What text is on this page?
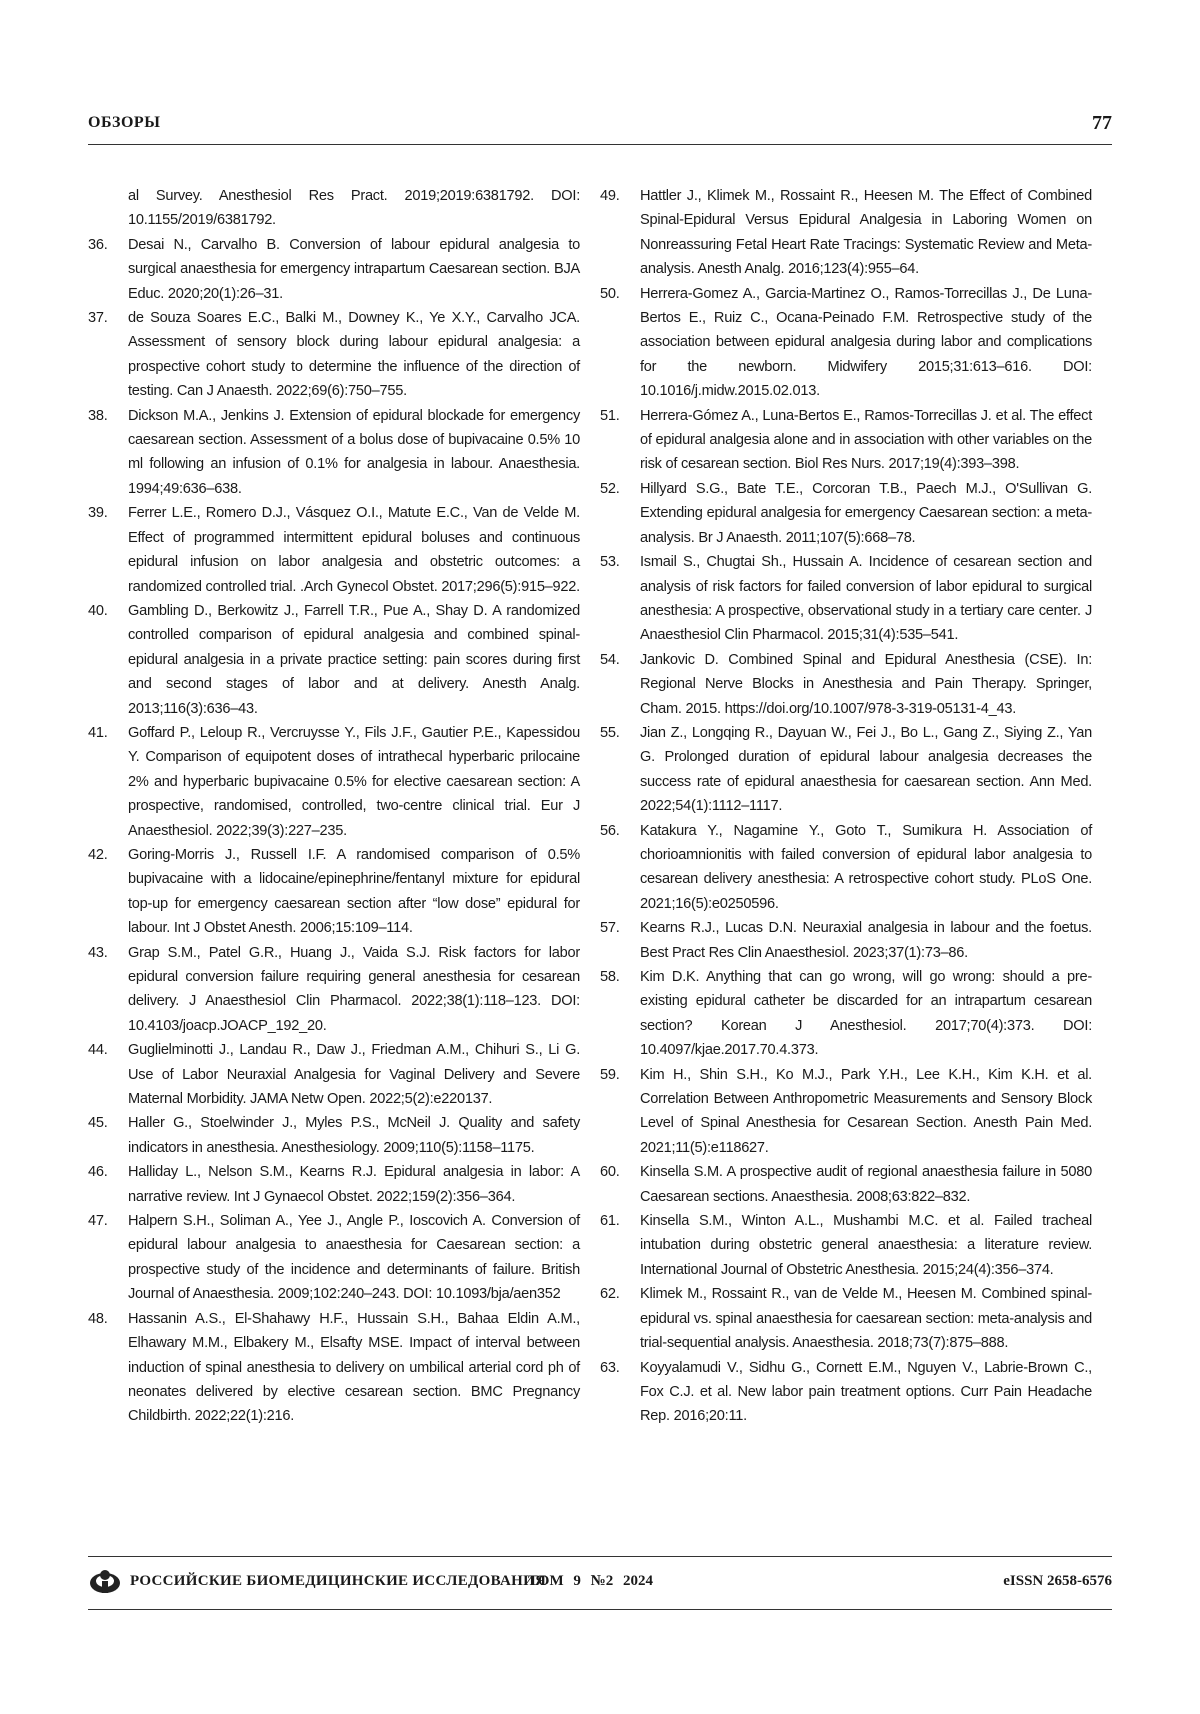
ОБЗОРЫ	77

al Survey. Anesthesiol Res Pract. 2019;2019:6381792. DOI: 10.1155/2019/6381792.

36. Desai N., Carvalho B. Conversion of labour epidural analgesia to surgical anaesthesia for emergency intrapartum Caesarean section. BJA Educ. 2020;20(1):26–31.

37. de Souza Soares E.C., Balki M., Downey K., Ye X.Y., Carvalho JCA. Assessment of sensory block during labour epidural analgesia: a prospective cohort study to determine the influence of the direction of testing. Can J Anaesth. 2022;69(6):750–755.

38. Dickson M.A., Jenkins J. Extension of epidural blockade for emergency caesarean section. Assessment of a bolus dose of bupivacaine 0.5% 10 ml following an infusion of 0.1% for analgesia in labour. Anaesthesia. 1994;49:636–638.

39. Ferrer L.E., Romero D.J., Vásquez O.I., Matute E.C., Van de Velde M. Effect of programmed intermittent epidural boluses and continuous epidural infusion on labor analgesia and obstetric outcomes: a randomized controlled trial. .Arch Gynecol Obstet. 2017;296(5):915–922.

40. Gambling D., Berkowitz J., Farrell T.R., Pue A., Shay D. A randomized controlled comparison of epidural analgesia and combined spinal-epidural analgesia in a private practice setting: pain scores during first and second stages of labor and at delivery. Anesth Analg. 2013;116(3):636–43.

41. Goffard P., Leloup R., Vercruysse Y., Fils J.F., Gautier P.E., Kapessidou Y. Comparison of equipotent doses of intrathecal hyperbaric prilocaine 2% and hyperbaric bupivacaine 0.5% for elective caesarean section: A prospective, randomised, controlled, two-centre clinical trial. Eur J Anaesthesiol. 2022;39(3):227–235.

42. Goring-Morris J., Russell I.F. A randomised comparison of 0.5% bupivacaine with a lidocaine/epinephrine/fentanyl mixture for epidural top-up for emergency caesarean section after “low dose” epidural for labour. Int J Obstet Anesth. 2006;15:109–114.

43. Grap S.M., Patel G.R., Huang J., Vaida S.J. Risk factors for labor epidural conversion failure requiring general anesthesia for cesarean delivery. J Anaesthesiol Clin Pharmacol. 2022;38(1):118–123. DOI: 10.4103/joacp.JOACP_192_20.

44. Guglielminotti J., Landau R., Daw J., Friedman A.M., Chihuri S., Li G. Use of Labor Neuraxial Analgesia for Vaginal Delivery and Severe Maternal Morbidity. JAMA Netw Open. 2022;5(2):e220137.

45. Haller G., Stoelwinder J., Myles P.S., McNeil J. Quality and safety indicators in anesthesia. Anesthesiology. 2009;110(5):1158–1175.

46. Halliday L., Nelson S.M., Kearns R.J. Epidural analgesia in labor: A narrative review. Int J Gynaecol Obstet. 2022;159(2):356–364.

47. Halpern S.H., Soliman A., Yee J., Angle P., Ioscovich A. Conversion of epidural labour analgesia to anaesthesia for Caesarean section: a prospective study of the incidence and determinants of failure. British Journal of Anaesthesia. 2009;102:240–243. DOI: 10.1093/bja/aen352

48. Hassanin A.S., El-Shahawy H.F., Hussain S.H., Bahaa Eldin A.M., Elhawary M.M., Elbakery M., Elsafty MSE. Impact of interval between induction of spinal anesthesia to delivery on umbilical arterial cord ph of neonates delivered by elective cesarean section. BMC Pregnancy Childbirth. 2022;22(1):216.

49. Hattler J., Klimek M., Rossaint R., Heesen M. The Effect of Combined Spinal-Epidural Versus Epidural Analgesia in Laboring Women on Nonreassuring Fetal Heart Rate Tracings: Systematic Review and Meta-analysis. Anesth Analg. 2016;123(4):955–64.

50. Herrera-Gomez A., Garcia-Martinez O., Ramos-Torrecillas J., De Luna-Bertos E., Ruiz C., Ocana-Peinado F.M. Retrospective study of the association between epidural analgesia during labor and complications for the newborn. Midwifery 2015;31:613–616. DOI: 10.1016/j.midw.2015.02.013.

51. Herrera-Gómez A., Luna-Bertos E., Ramos-Torrecillas J. et al. The effect of epidural analgesia alone and in association with other variables on the risk of cesarean section. Biol Res Nurs. 2017;19(4):393–398.

52. Hillyard S.G., Bate T.E., Corcoran T.B., Paech M.J., O'Sullivan G. Extending epidural analgesia for emergency Caesarean section: a meta-analysis. Br J Anaesth. 2011;107(5):668–78.

53. Ismail S., Chugtai Sh., Hussain A. Incidence of cesarean section and analysis of risk factors for failed conversion of labor epidural to surgical anesthesia: A prospective, observational study in a tertiary care center. J Anaesthesiol Clin Pharmacol. 2015;31(4):535–541.

54. Jankovic D. Combined Spinal and Epidural Anesthesia (CSE). In: Regional Nerve Blocks in Anesthesia and Pain Therapy. Springer, Cham. 2015. https://doi.org/10.1007/978-3-319-05131-4_43.

55. Jian Z., Longqing R., Dayuan W., Fei J., Bo L., Gang Z., Siying Z., Yan G. Prolonged duration of epidural labour analgesia decreases the success rate of epidural anaesthesia for caesarean section. Ann Med. 2022;54(1):1112–1117.

56. Katakura Y., Nagamine Y., Goto T., Sumikura H. Association of chorioamnionitis with failed conversion of epidural labor analgesia to cesarean delivery anesthesia: A retrospective cohort study. PLoS One. 2021;16(5):e0250596.

57. Kearns R.J., Lucas D.N. Neuraxial analgesia in labour and the foetus. Best Pract Res Clin Anaesthesiol. 2023;37(1):73–86.

58. Kim D.K. Anything that can go wrong, will go wrong: should a pre-existing epidural catheter be discarded for an intrapartum cesarean section? Korean J Anesthesiol. 2017;70(4):373. DOI: 10.4097/kjae.2017.70.4.373.

59. Kim H., Shin S.H., Ko M.J., Park Y.H., Lee K.H., Kim K.H. et al. Correlation Between Anthropometric Measurements and Sensory Block Level of Spinal Anesthesia for Cesarean Section. Anesth Pain Med. 2021;11(5):e118627.

60. Kinsella S.M. A prospective audit of regional anaesthesia failure in 5080 Caesarean sections. Anaesthesia. 2008;63:822–832.

61. Kinsella S.M., Winton A.L., Mushambi M.C. et al. Failed tracheal intubation during obstetric general anaesthesia: a literature review. International Journal of Obstetric Anesthesia. 2015;24(4):356–374.

62. Klimek M., Rossaint R., van de Velde M., Heesen M. Combined spinal-epidural vs. spinal anaesthesia for caesarean section: meta-analysis and trial-sequential analysis. Anaesthesia. 2018;73(7):875–888.

63. Koyyalamudi V., Sidhu G., Cornett E.M., Nguyen V., Labrie-Brown C., Fox C.J. et al. New labor pain treatment options. Curr Pain Headache Rep. 2016;20:11.

РОССИЙСКИЕ БИОМЕДИЦИНСКИЕ ИССЛЕДОВАНИЯ
ТОМ 9 №2 2024	eISSN 2658-6576
